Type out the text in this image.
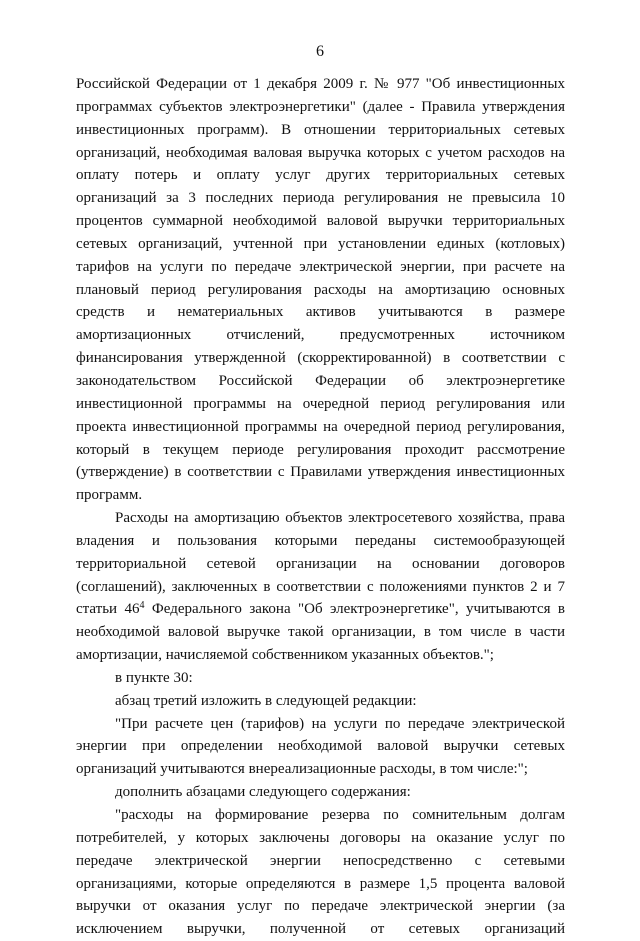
6

Российской Федерации от 1 декабря 2009 г. № 977 "Об инвестиционных программах субъектов электроэнергетики" (далее - Правила утверждения инвестиционных программ). В отношении территориальных сетевых организаций, необходимая валовая выручка которых с учетом расходов на оплату потерь и оплату услуг других территориальных сетевых организаций за 3 последних периода регулирования не превысила 10 процентов суммарной необходимой валовой выручки территориальных сетевых организаций, учтенной при установлении единых (котловых) тарифов на услуги по передаче электрической энергии, при расчете на плановый период регулирования расходы на амортизацию основных средств и нематериальных активов учитываются в размере амортизационных отчислений, предусмотренных источником финансирования утвержденной (скорректированной) в соответствии с законодательством Российской Федерации об электроэнергетике инвестиционной программы на очередной период регулирования или проекта инвестиционной программы на очередной период регулирования, который в текущем периоде регулирования проходит рассмотрение (утверждение) в соответствии с Правилами утверждения инвестиционных программ.

Расходы на амортизацию объектов электросетевого хозяйства, права владения и пользования которыми переданы системообразующей территориальной сетевой организации на основании договоров (соглашений), заключенных в соответствии с положениями пунктов 2 и 7 статьи $46^4$ Федерального закона "Об электроэнергетике", учитываются в необходимой валовой выручке такой организации, в том числе в части амортизации, начисляемой собственником указанных объектов.";

в пункте 30:

абзац третий изложить в следующей редакции:

"При расчете цен (тарифов) на услуги по передаче электрической энергии при определении необходимой валовой выручки сетевых организаций учитываются внереализационные расходы, в том числе:";

дополнить абзацами следующего содержания:

"расходы на формирование резерва по сомнительным долгам потребителей, у которых заключены договоры на оказание услуг по передаче электрической энергии непосредственно с сетевыми организациями, которые определяются в размере 1,5 процента валовой выручки от оказания услуг по передаче электрической энергии (за исключением выручки, полученной от сетевых организаций
